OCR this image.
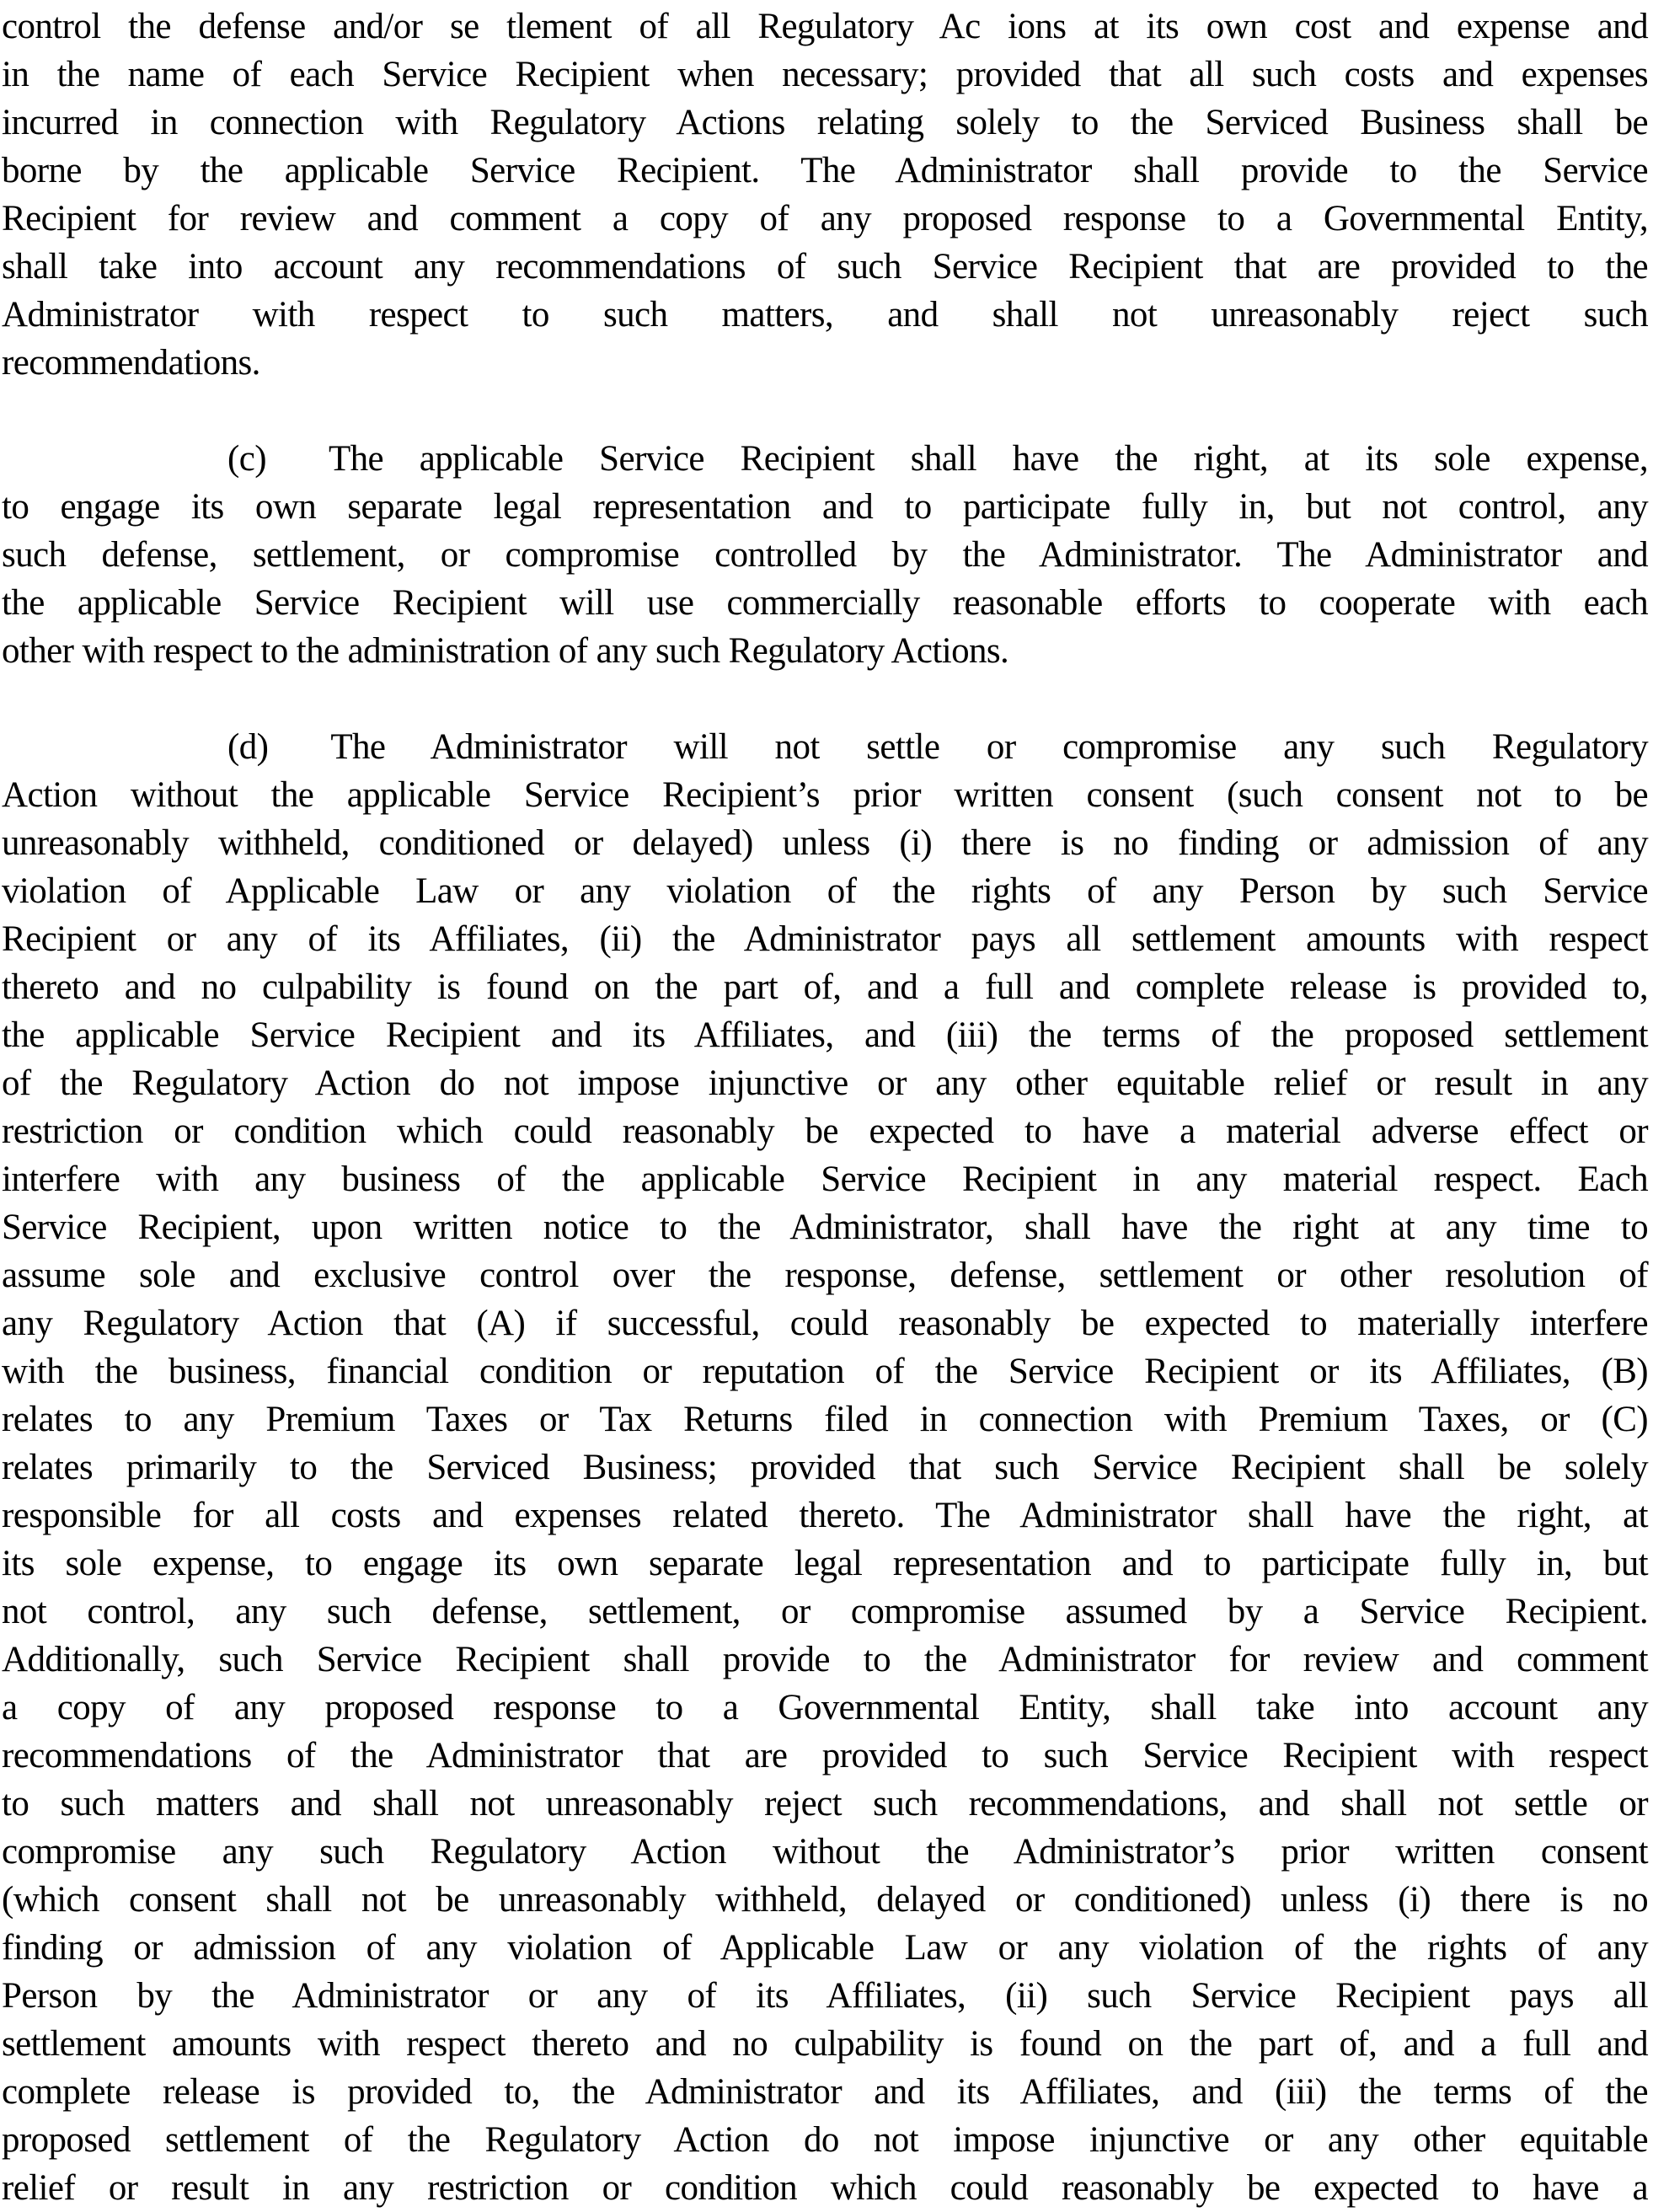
control the defense and/or se tlement of all Regulatory Ac ions at its own cost and expense and
in the name of each Service Recipient when necessary; provided that all such costs and expenses
incurred in connection with Regulatory Actions relating solely to the Serviced Business shall be
borne by the applicable Service Recipient. The Administrator shall provide to the Service
Recipient for review and comment a copy of any proposed response to a Governmental Entity,
shall take into account any recommendations of such Service Recipient that are provided to the
Administrator with respect to such matters, and shall not unreasonably reject such
recommendations.
(c) The applicable Service Recipient shall have the right, at its sole expense,
to engage its own separate legal representation and to participate fully in, but not control, any
such defense, settlement, or compromise controlled by the Administrator. The Administrator and
the applicable Service Recipient will use commercially reasonable efforts to cooperate with each
other with respect to the administration of any such Regulatory Actions.
(d) The Administrator will not settle or compromise any such Regulatory
Action without the applicable Service Recipient’s prior written consent (such consent not to be
unreasonably withheld, conditioned or delayed) unless (i) there is no finding or admission of any
violation of Applicable Law or any violation of the rights of any Person by such Service
Recipient or any of its Affiliates, (ii) the Administrator pays all settlement amounts with respect
thereto and no culpability is found on the part of, and a full and complete release is provided to,
the applicable Service Recipient and its Affiliates, and (iii) the terms of the proposed settlement
of the Regulatory Action do not impose injunctive or any other equitable relief or result in any
restriction or condition which could reasonably be expected to have a material adverse effect or
interfere with any business of the applicable Service Recipient in any material respect. Each
Service Recipient, upon written notice to the Administrator, shall have the right at any time to
assume sole and exclusive control over the response, defense, settlement or other resolution of
any Regulatory Action that (A) if successful, could reasonably be expected to materially interfere
with the business, financial condition or reputation of the Service Recipient or its Affiliates, (B)
relates to any Premium Taxes or Tax Returns filed in connection with Premium Taxes, or (C)
relates primarily to the Serviced Business; provided that such Service Recipient shall be solely
responsible for all costs and expenses related thereto. The Administrator shall have the right, at
its sole expense, to engage its own separate legal representation and to participate fully in, but
not control, any such defense, settlement, or compromise assumed by a Service Recipient.
Additionally, such Service Recipient shall provide to the Administrator for review and comment
a copy of any proposed response to a Governmental Entity, shall take into account any
recommendations of the Administrator that are provided to such Service Recipient with respect
to such matters and shall not unreasonably reject such recommendations, and shall not settle or
compromise any such Regulatory Action without the Administrator’s prior written consent
(which consent shall not be unreasonably withheld, delayed or conditioned) unless (i) there is no
finding or admission of any violation of Applicable Law or any violation of the rights of any
Person by the Administrator or any of its Affiliates, (ii) such Service Recipient pays all
settlement amounts with respect thereto and no culpability is found on the part of, and a full and
complete release is provided to, the Administrator and its Affiliates, and (iii) the terms of the
proposed settlement of the Regulatory Action do not impose injunctive or any other equitable
relief or result in any restriction or condition which could reasonably be expected to have a
